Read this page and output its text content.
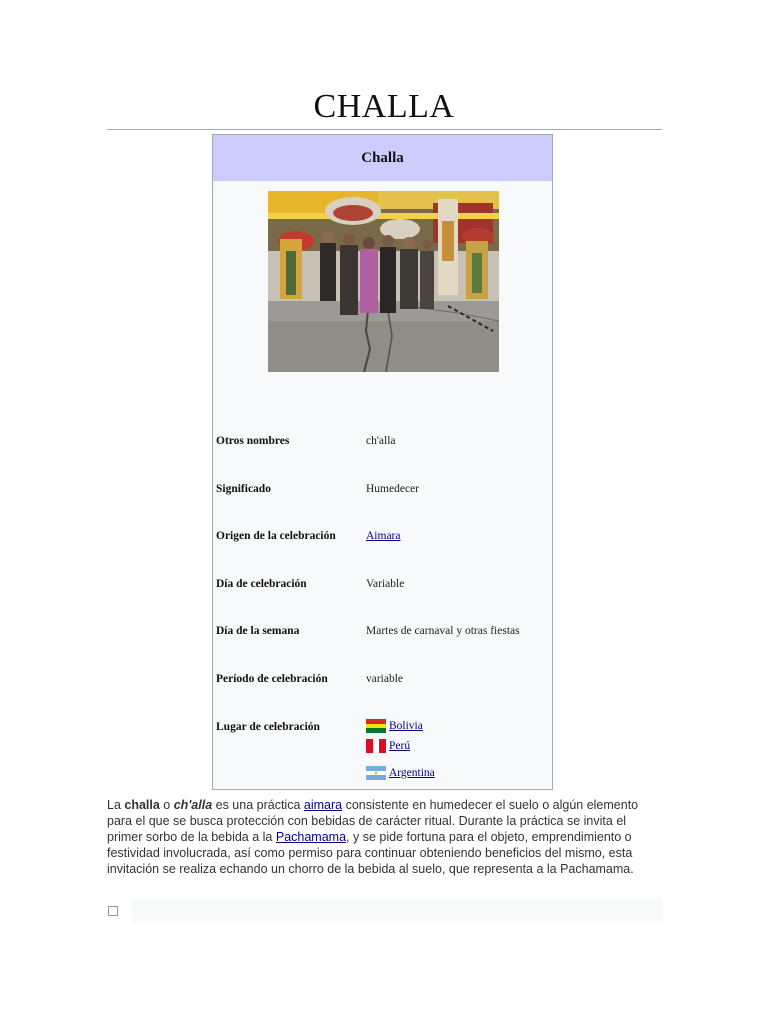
CHALLA
Challa
Otros nombres	ch'alla
Significado	Humedecer
Origen de la celebración	Aimara
Día de celebración	Variable
Día de la semana	Martes de carnaval y otras fiestas
Período de celebración	variable
Lugar de celebración	Bolivia
Perú
Argentina

La challa o ch'alla es una práctica aimara consistente en humedecer el suelo o algún elemento para el que se busca protección con bebidas de carácter ritual. Durante la práctica se invita el primer sorbo de la bebida a la Pachamama, y se pide fortuna para el objeto, emprendimiento o festividad involucrada, así como permiso para continuar obteniendo beneficios del mismo, esta invitación se realiza echando un chorro de la bebida al suelo, que representa a la Pachamama.
